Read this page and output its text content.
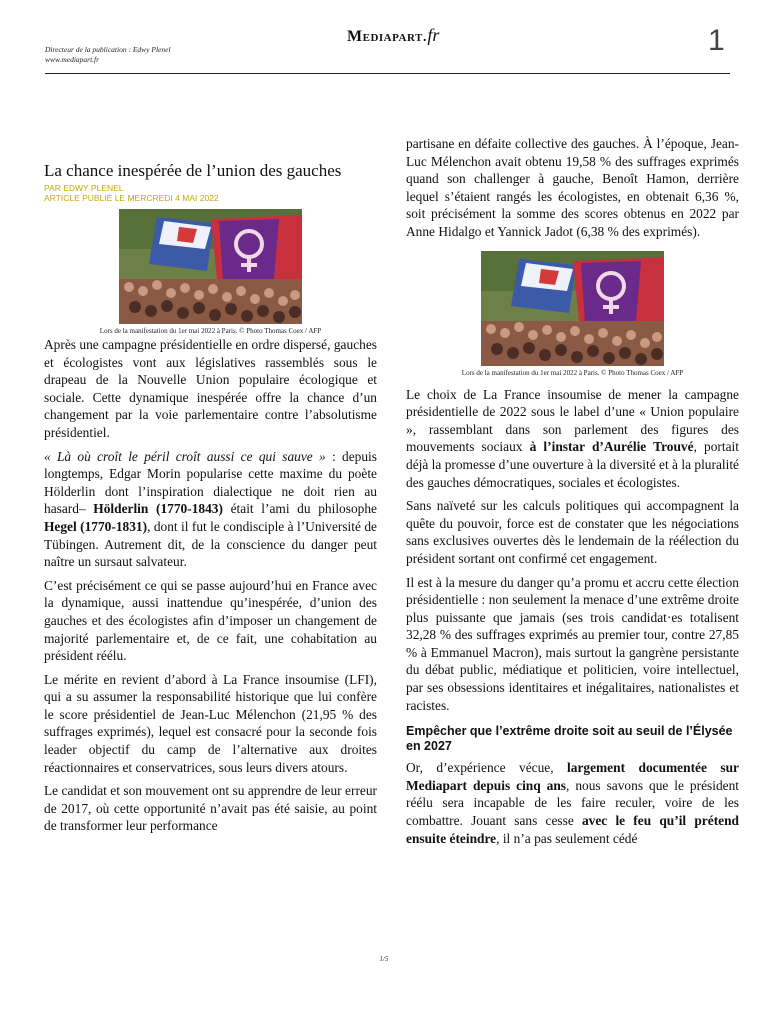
Directeur de la publication : Edwy Plenel
www.mediapart.fr
Mediapart.fr	1
La chance inespérée de l’union des gauches
PAR EDWY PLENEL
ARTICLE PUBLIÉ LE MERCREDI 4 MAI 2022
Lors de la manifestation du 1er mai 2022 à Paris. © Photo Thomas Coex / AFP

Après une campagne présidentielle en ordre dispersé, gauches et écologistes vont aux législatives rassemblés sous le drapeau de la Nouvelle Union populaire écologique et sociale. Cette dynamique inespérée offre la chance d’un changement par la voie parlementaire contre l’absolutisme présidentiel.

« Là où croît le péril croît aussi ce qui sauve » : depuis longtemps, Edgar Morin popularise cette maxime du poète Hölderlin dont l’inspiration dialectique ne doit rien au hasard– Hölderlin (1770-1843) était l’ami du philosophe Hegel (1770-1831), dont il fut le condisciple à l’Université de Tübingen. Autrement dit, de la conscience du danger peut naître un sursaut salvateur.

C’est précisément ce qui se passe aujourd’hui en France avec la dynamique, aussi inattendue qu’inespérée, d’union des gauches et des écologistes afin d’imposer un changement de majorité parlementaire et, de ce fait, une cohabitation au président réélu.

Le mérite en revient d’abord à La France insoumise (LFI), qui a su assumer la responsabilité historique que lui confère le score présidentiel de Jean-Luc Mélenchon (21,95 % des suffrages exprimés), lequel est consacré pour la seconde fois leader objectif du camp de l’alternative aux droites réactionnaires et conservatrices, sous leurs divers atours.

Le candidat et son mouvement ont su apprendre de leur erreur de 2017, où cette opportunité n’avait pas été saisie, au point de transformer leur performance

partisane en défaite collective des gauches. À l’époque, Jean-Luc Mélenchon avait obtenu 19,58 % des suffrages exprimés quand son challenger à gauche, Benoît Hamon, derrière lequel s’étaient rangés les écologistes, en obtenait 6,36 %, soit précisément la somme des scores obtenus en 2022 par Anne Hidalgo et Yannick Jadot (6,38 % des exprimés).

Lors de la manifestation du 1er mai 2022 à Paris. © Photo Thomas Coex / AFP

Le choix de La France insoumise de mener la campagne présidentielle de 2022 sous le label d’une « Union populaire », rassemblant dans son parlement des figures des mouvements sociaux à l’instar d’Aurélie Trouvé, portait déjà la promesse d’une ouverture à la diversité et à la pluralité des gauches démocratiques, sociales et écologistes.

Sans naïveté sur les calculs politiques qui accompagnent la quête du pouvoir, force est de constater que les négociations sans exclusives ouvertes dès le lendemain de la réélection du président sortant ont confirmé cet engagement.

Il est à la mesure du danger qu’a promu et accru cette élection présidentielle : non seulement la menace d’une extrême droite plus puissante que jamais (ses trois candidat·es totalisent 32,28 % des suffrages exprimés au premier tour, contre 27,85 % à Emmanuel Macron), mais surtout la gangrène persistante du débat public, médiatique et politicien, voire intellectuel, par ses obsessions identitaires et inégalitaires, nationalistes et racistes.

Empêcher que l’extrême droite soit au seuil de l’Élysée en 2027

Or, d’expérience vécue, largement documentée sur Mediapart depuis cinq ans, nous savons que le président réélu sera incapable de les faire reculer, voire de les combattre. Jouant sans cesse avec le feu qu’il prétend ensuite éteindre, il n’a pas seulement cédé

1/5
